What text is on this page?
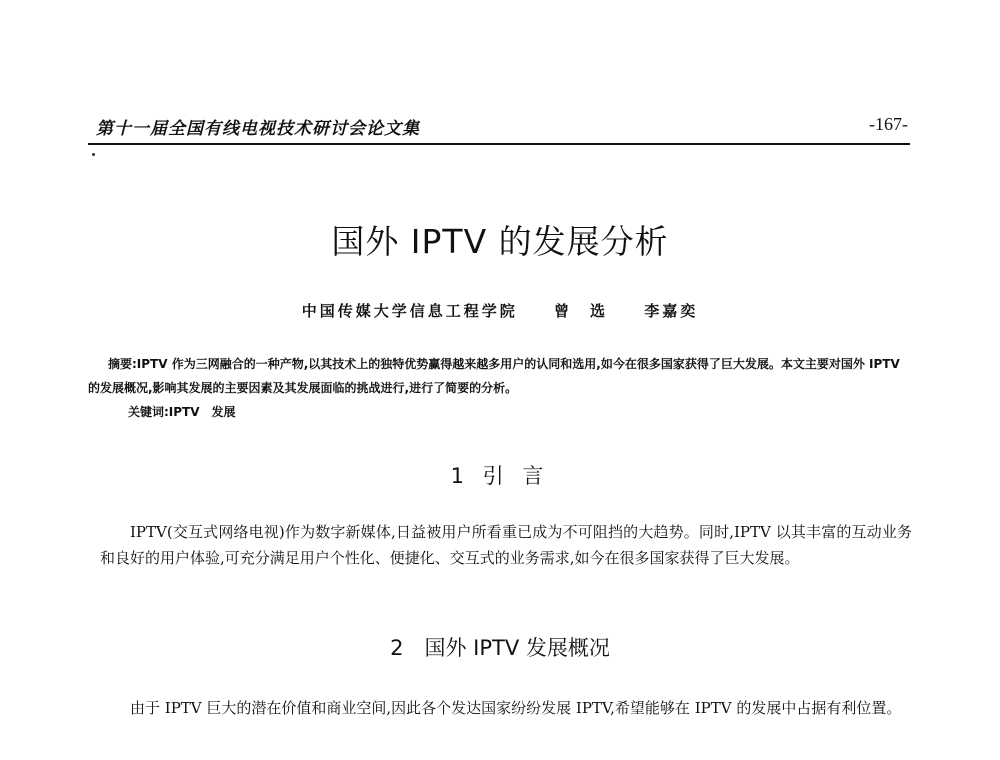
第十一届全国有线电视技术研讨会论文集	-167-
国外 IPTV 的发展分析
中国传媒大学信息工程学院 曾　选 李嘉奕

摘要:IPTV 作为三网融合的一种产物,以其技术上的独特优势赢得越来越多用户的认同和选用,如今在很多国家获得了巨大发展。本文主要对国外 IPTV 的发展概况,影响其发展的主要因素及其发展面临的挑战进行,进行了简要的分析。

关键词:IPTV　发展

1 引 言
IPTV(交互式网络电视)作为数字新媒体,日益被用户所看重已成为不可阻挡的大趋势。同时,IPTV 以其丰富的互动业务和良好的用户体验,可充分满足用户个性化、便捷化、交互式的业务需求,如今在很多国家获得了巨大发展。
2　国外 IPTV 发展概况
由于 IPTV 巨大的潜在价值和商业空间,因此各个发达国家纷纷发展 IPTV,希望能够在 IPTV 的发展中占据有利位置。
